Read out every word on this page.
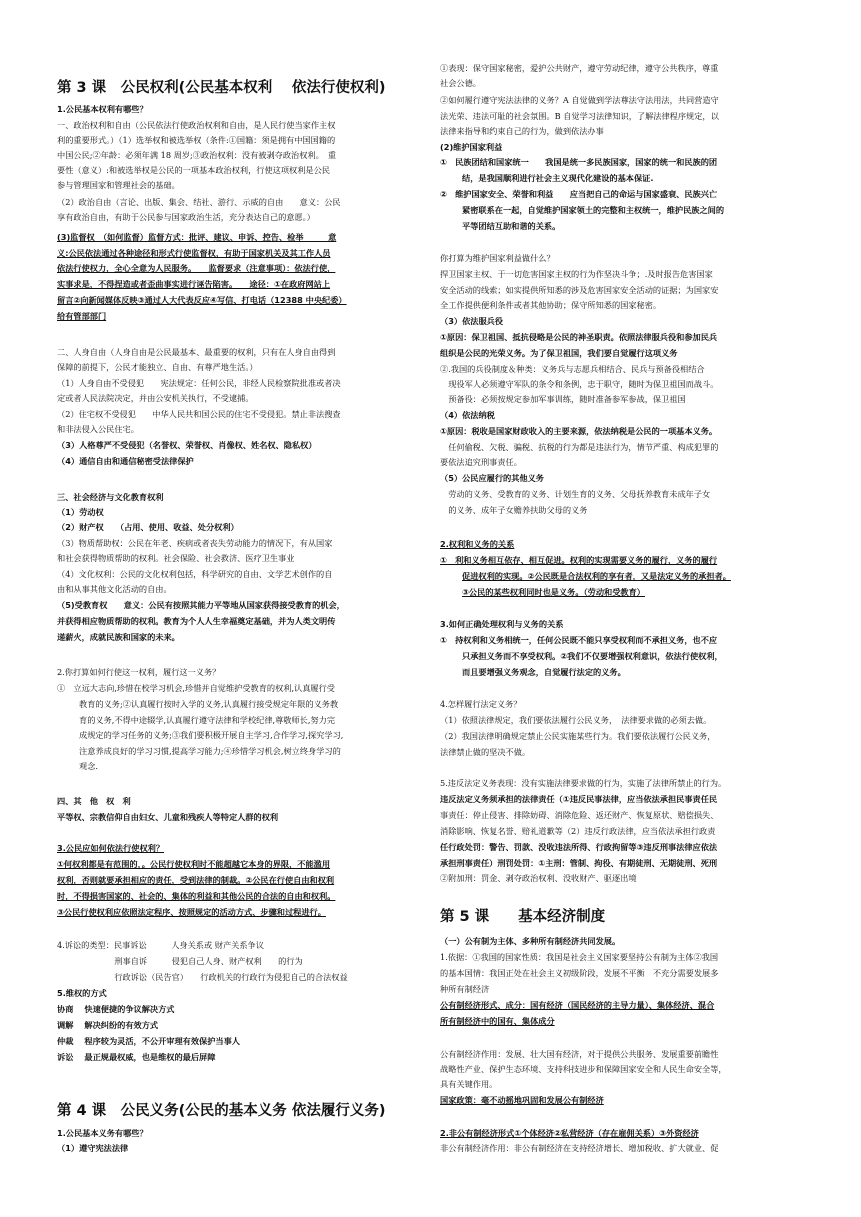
第 3 课　公民权利(公民基本权利　 依法行使权利)
1.公民基本权利有哪些？
一、政治权利和自由（公民依法行使政治权利和自由，是人民行使当家作主权
利的重要形式。）（1）选举权和被选举权（条件:①国籍：须是拥有中国国籍的
中国公民;②年龄：必须年满 18 周岁;③政治权利：没有被剥夺政治权利。　重
要性（意义）:和被选举权是公民的一项基本政治权利，行使这项权利是公民
参与管理国家和管理社会的基础。
（2）政治自由（言论、出版、集会、结社、游行、示威的自由　　意义：公民
享有政治自由，有助于公民参与国家政治生活，充分表达自己的意愿。）
(3)监督权　（如何监督）监督方式：批评、建议、申诉、控告、检举　　　意
义:公民依法通过各种途径和形式行使监督权，有助于国家机关及其工作人员
依法行使权力，全心全意为人民服务。　　监督要求（注意事项）：依法行使，
实事求是，不得捏造或者歪曲事实进行诬告陷害。　　途径：①在政府网站上
留言②向新闻媒体反映③通过人大代表反应④写信、打电话（12388 中央纪委）
给有管部部门
二、人身自由（人身自由是公民最基本、最重要的权利，只有在人身自由得到
保障的前提下，公民才能独立、自由、有尊严地生活。）
（1）人身自由不受侵犯　　宪法规定：任何公民，非经人民检察院批准或者决
定或者人民法院决定，并由公安机关执行，不受逮捕。
（2）住宅权不受侵犯　　中华人民共和国公民的住宅不受侵犯。禁止非法搜查
和非法侵入公民住宅。
（3）人格尊严不受侵犯（名誉权、荣誉权、肖像权、姓名权、隐私权）
（4）通信自由和通信秘密受法律保护
三、社会经济与文化教育权利
（1）劳动权
（2）财产权　　（占用、使用、收益、处分权利）
（3）物质帮助权：公民在年老、疾病或者丧失劳动能力的情况下，有从国家
和社会获得物质帮助的权利。社会保险、社会救济、医疗卫生事业
（4）文化权利：公民的文化权利包括，科学研究的自由、文学艺术创作的自
由和从事其他文化活动的自由。
（5)受教育权　　意义：公民有按照其能力平等地从国家获得接受教育的机会，
并获得相应物质帮助的权利。教育为个人人生幸福奠定基础，并为人类文明传
递薪火，成就民族和国家的未来。
2.你打算如何行使这一权利，履行这一义务？
①　立远大志向,珍惜在校学习机会,珍惜并自觉维护受教育的权利,认真履行受
教育的义务;②认真履行按时入学的义务,认真履行接受规定年限的义务教
育的义务,不得中途辍学,认真履行遵守法律和学校纪律,尊敬师长,努力完
成规定的学习任务的义务;③我们要积极开展自主学习,合作学习,探究学习,
注意养成良好的学习习惯,提高学习能力;④珍惜学习机会,树立终身学习的
观念.
四、其　他　权　利
平等权、宗教信仰自由妇女、儿童和残疾人等特定人群的权利
3.公民应如何依法行使权利？
①何权利都是有范围的，。公民行使权利时不能超越它本身的界限，不能滥用
权利，否则就要承担相应的责任，受到法律的制裁。②公民在行使自由和权利
时，不得损害国家的、社会的、集体的利益和其他公民的合法的自由和权利。
③公民行使权利应依照法定程序、按照规定的活动方式、步骤和过程进行。
4.诉讼的类型：民事诉讼　　　人身关系或 财产关系争议
　　　　　　　刑事自诉　　　侵犯自己人身、财产权利　　的行为
　　　　　　　行政诉讼（民告官）　　行政机关的行政行为侵犯自己的合法权益
5.维权的方式
协商　 快速便捷的争议解决方式
调解　 解决纠纷的有效方式
仲裁　 程序较为灵活，不公开审理有效保护当事人
诉讼　 最正规最权威，也是维权的最后屏障
第 4 课　公民义务(公民的基本义务 依法履行义务)
1.公民基本义务有哪些？
（1）遵守宪法法律
①表现：保守国家秘密，爱护公共财产，遵守劳动纪律，遵守公共秩序，尊重
社会公德。
②如何履行遵守宪法法律的义务？A 自觉做到学法尊法守法用法，共同营造守
法光荣、违法可耻的社会氛围。B 自觉学习法律知识，了解法律程序规定，以
法律来指导和约束自己的行为，做到依法办事
(2)维护国家利益
①　民族团结和国家统一　　我国是统一多民族国家，国家的统一和民族的团
结，是我国顺利进行社会主义现代化建设的基本保证.
②　维护国家安全、荣誉和利益　　应当把自己的命运与国家盛衰、民族兴亡
紧密联系在一起，自觉维护国家领土的完整和主权统一，维护民族之间的
平等团结互助和谐的关系。
你打算为维护国家利益做什么？
捍卫国家主权、于一切危害国家主权的行为作坚决斗争；.及时报告危害国家
安全活动的线索；如实提供所知悉的涉及危害国家安全活动的证据；为国家安
全工作提供便利条件或者其他协助；保守所知悉的国家秘密。
（3）依法服兵役
①原因：保卫祖国、抵抗侵略是公民的神圣职责。依照法律服兵役和参加民兵
组织是公民的光荣义务。为了保卫祖国，我们要自觉履行这项义务
②.我国的兵役制度＆种类：义务兵与志愿兵相结合、民兵与预备役相结合
　现役军人必须遵守军队的条令和条例，忠于职守，随时为保卫祖国而战斗。
　预备役：必须按规定参加军事训练，随时准备参军参战，保卫祖国
（4）依法纳税
①原因：税收是国家财政收入的主要来源，依法纳税是公民的一项基本义务。
　任何偷税、欠税、骗税、抗税的行为都是违法行为，情节严重、构成犯罪的
要依法追究刑事责任。
（5）公民应履行的其他义务
　劳动的义务、受教育的义务、计划生育的义务、父母抚养教育未成年子女
　的义务、成年子女赡养扶助父母的义务
2.权利和义务的关系
①　利和义务相互依存、相互促进。权利的实现需要义务的履行，义务的履行
促进权利的实现。②公民既是合法权利的享有者，又是法定义务的承担者。
③公民的某些权利同时也是义务。（劳动和受教育）
3.如何正确处理权利与义务的关系
①　持权利和义务相统一，任何公民既不能只享受权利而不承担义务，也不应
只承担义务而不享受权利。②我们不仅要增强权利意识，依法行使权利，
而且要增强义务观念，自觉履行法定的义务。
4.怎样履行法定义务？
（1）依照法律规定，我们要依法履行公民义务，　法律要求做的必须去做。
（2）我国法律明确规定禁止公民实施某些行为。我们要依法履行公民义务，
法律禁止做的坚决不做。
5.违反法定义务表现：没有实施法律要求做的行为，实施了法律所禁止的行为。
违反法定义务须承担的法律责任（①违反民事法律，应当依法承担民事责任民
事责任：停止侵害、排除妨碍、消除危险、返还财产、恢复原状、赔偿损失、
消除影响、恢复名誉、赔礼道歉等（2）违反行政法律，应当依法承担行政责
任行政处罚：警告、罚款、没收违法所得、行政拘留等③违反刑事法律应依法
承担刑事责任）刑罚处罚：①主刑：管制、拘役、有期徒刑、无期徒刑、死刑
②附加刑：罚金、剥夺政治权利、没收财产、驱逐出境
第 5 课　　基本经济制度
（一）公有制为主体、多种所有制经济共同发展。
1.依据：①我国的国家性质：我国是社会主义国家要坚持公有制为主体②我国
的基本国情：我国正处在社会主义初级阶段，发展不平衡　不充分需要发展多
种所有制经济
公有制经济形式、成分：国有经济（国民经济的主导力量）、集体经济、混合
所有制经济中的国有、集体成分
公有制经济作用：发展、壮大国有经济，对于提供公共服务、发展重要前瞻性
战略性产业、保护生态环境、支持科技进步和保障国家安全和人民生命安全等，
具有关键作用。
国家政策：毫不动摇地巩固和发展公有制经济
2.非公有制经济形式①个体经济②私营经济（存在雇佣关系）③外资经济
非公有制经济作用：非公有制经济在支持经济增长、增加税收、扩大就业、促
